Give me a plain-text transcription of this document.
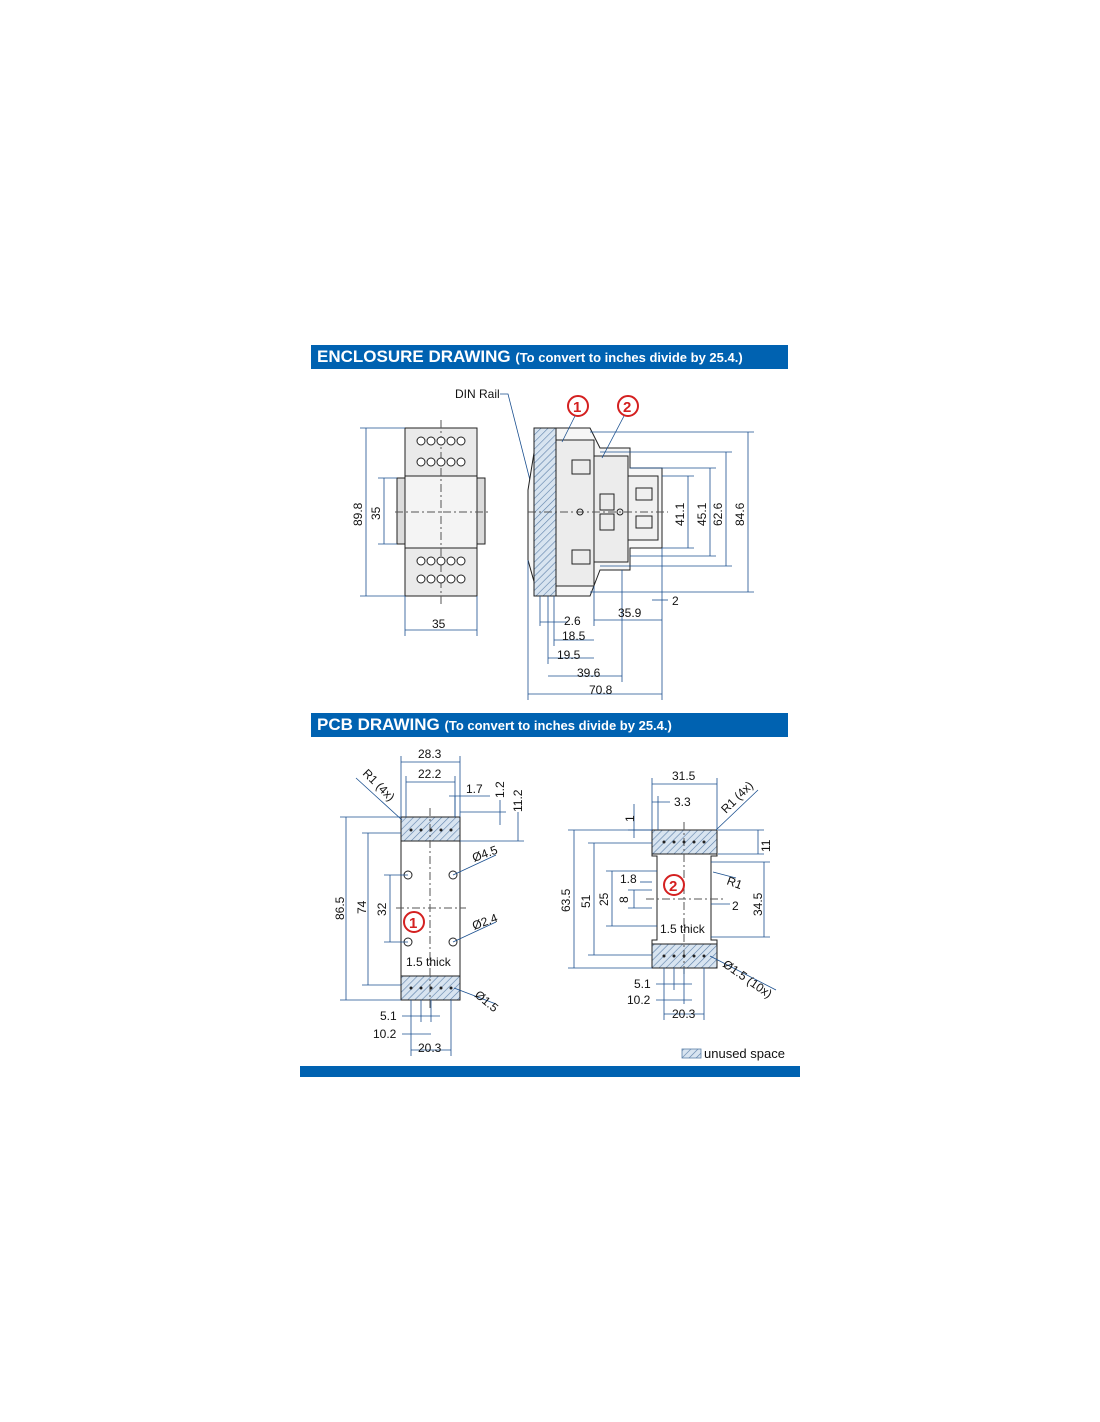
ENCLOSURE DRAWING (To convert to inches divide by 25.4.)
PCB DRAWING (To convert to inches divide by 25.4.)
89.8 35
35
DIN Rail
1	2
41.1 45.1 62.6 84.6
2
2.6
35.9
18.5
19.5
39.6
70.8
1
28.3
22.2
1.7 1.2 11.2
R1 (4x)
86.5 74 32
Ø4.5
Ø2.4
Ø1.5
1.5 thick
5.1
10.2
20.3
2
31.5
3.3
1
R1 (4x)
11
63.5 51 25 8
1.8	R1
34.5
2
1.5 thick
Ø1.5 (10x)
5.1
10.2
20.3
unused space
